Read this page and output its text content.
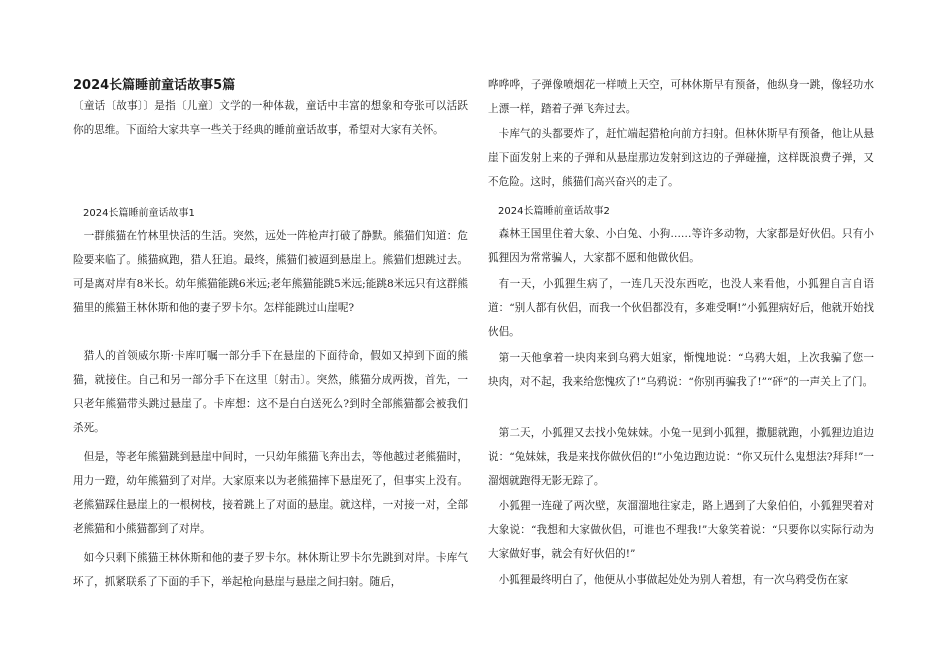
2024长篇睡前童话故事5篇

〔童话〔故事〕〕是指〔儿童〕文学的一种体裁，童话中丰富的想象和夸张可以活跃你的思维。下面给大家共享一些关于经典的睡前童话故事，希望对大家有关怀。

2024长篇睡前童话故事1

一群熊猫在竹林里快活的生活。突然，远处一阵枪声打破了静默。熊猫们知道：危险要来临了。熊猫疯跑，猎人狂追。最终，熊猫们被逼到悬崖上。熊猫们想跳过去。可是离对岸有8米长。幼年熊猫能跳6米远;老年熊猫能跳5米远;能跳8米远只有这群熊猫里的熊猫王林休斯和他的妻子罗卡尔。怎样能跳过山崖呢?

猎人的首领威尔斯·卡库叮嘱一部分手下在悬崖的下面待命，假如又掉到下面的熊猫，就接住。自己和另一部分手下在这里〔射击〕。突然，熊猫分成两拨，首先，一只老年熊猫带头跳过悬崖了。卡库想：这不是白白送死么?到时全部熊猫都会被我们杀死。

但是，等老年熊猫跳到悬崖中间时，一只幼年熊猫飞奔出去，等他越过老熊猫时，用力一蹬，幼年熊猫到了对岸。大家原来以为老熊猫摔下悬崖死了，但事实上没有。老熊猫踩住悬崖上的一根树枝，接着跳上了对面的悬崖。就这样，一对接一对，全部老熊猫和小熊猫都到了对岸。

如今只剩下熊猫王林休斯和他的妻子罗卡尔。林休斯让罗卡尔先跳到对岸。卡库气坏了，抓紧联系了下面的手下，举起枪向悬崖与悬崖之间扫射。随后，

哗哗哗，子弹像喷烟花一样喷上天空，可林休斯早有预备，他纵身一跳，像轻功水上漂一样，踏着子弹飞奔过去。

卡库气的头都要炸了，赶忙端起猎枪向前方扫射。但林休斯早有预备，他让从悬崖下面发射上来的子弹和从悬崖那边发射到这边的子弹碰撞，这样既浪费子弹，又不危险。这时，熊猫们高兴奋兴的走了。

2024长篇睡前童话故事2

森林王国里住着大象、小白兔、小狗……等许多动物，大家都是好伙侣。只有小狐狸因为常常骗人，大家都不愿和他做伙侣。

有一天，小狐狸生病了，一连几天没东西吃，也没人来看他，小狐狸自言自语道：“别人都有伙侣，而我一个伙侣都没有，多难受啊!”小狐狸病好后，他就开始找伙侣。

第一天他拿着一块肉来到乌鸦大姐家，惭愧地说：“乌鸦大姐，上次我骗了您一块肉，对不起，我来给您愧疚了!”乌鸦说：“你别再骗我了!”“砰”的一声关上了门。

第二天，小狐狸又去找小兔妹妹。小兔一见到小狐狸，撒腿就跑，小狐狸边追边说：“兔妹妹，我是来找你做伙侣的!”小兔边跑边说：“你又玩什么鬼想法?拜拜!”一溜烟就跑得无影无踪了。

小狐狸一连碰了两次壁，灰溜溜地往家走，路上遇到了大象伯伯，小狐狸哭着对大象说：“我想和大家做伙侣，可谁也不理我!”大象笑着说：“只要你以实际行动为大家做好事，就会有好伙侣的!”

小狐狸最终明白了，他便从小事做起处处为别人着想，有一次乌鸦受伤在家
